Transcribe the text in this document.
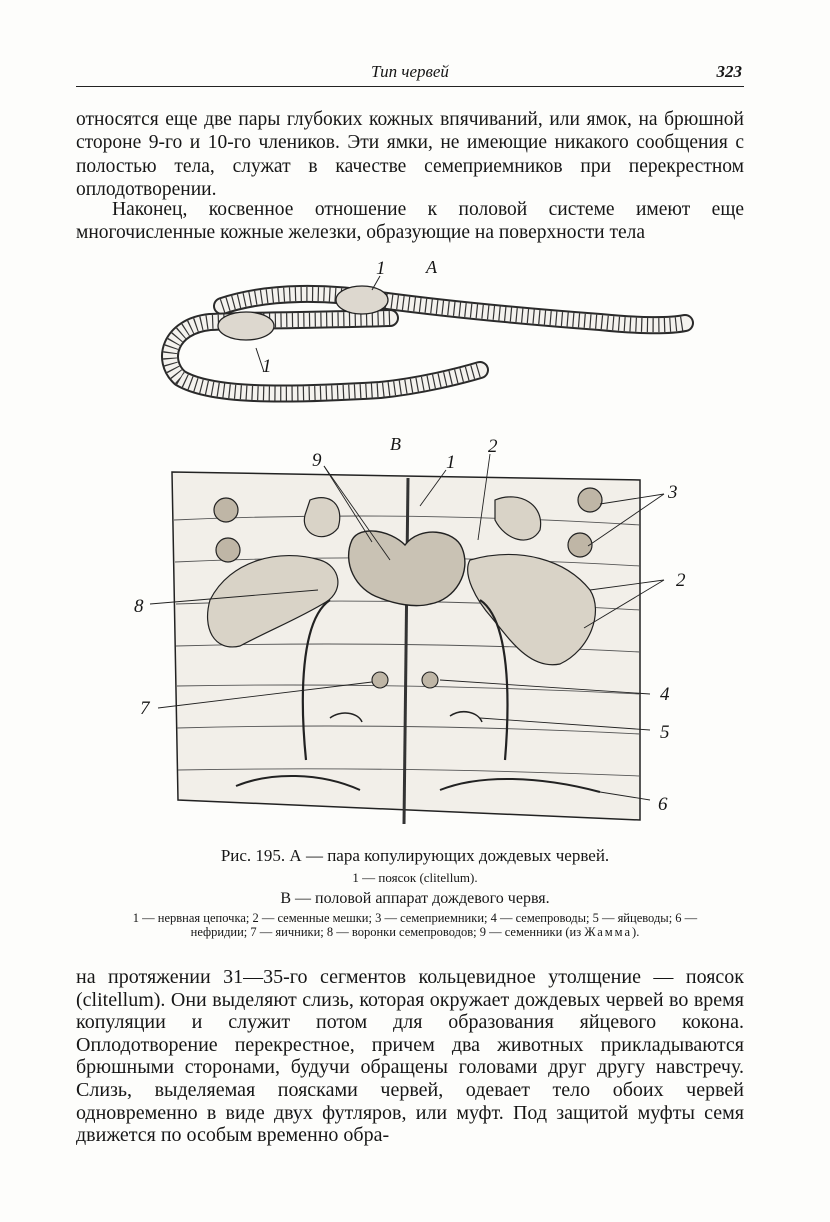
Тип червей	323

относятся еще две пары глубоких кожных впячиваний, или ямок, на брюшной стороне 9-го и 10-го члеников. Эти ямки, не имеющие никакого сообщения с полостью тела, служат в качестве семеприемников при перекрестном оплодотворении.

Наконец, косвенное отношение к половой системе имеют еще многочисленные кожные железки, образующие на поверхности тела

А
В
1
1
1
2
3
2
4
5
6
7
8
9

Рис. 195. А — пара копулирующих дождевых червей.

1 — поясок (clitellum).

В — половой аппарат дождевого червя.

1 — нервная цепочка; 2 — семенные мешки; 3 — семеприемники; 4 — семепроводы; 5 — яйцеводы; 6 — нефридии; 7 — яичники; 8 — воронки семепроводов; 9 — семенники (из Жамма).

на протяжении 31—35-го сегментов кольцевидное утолщение — поясок (clitellum). Они выделяют слизь, которая окружает дождевых червей во время копуляции и служит потом для образования яйцевого кокона. Оплодотворение перекрестное, причем два животных прикладываются брюшными сторонами, будучи обращены головами друг другу навстречу. Слизь, выделяемая поясками червей, одевает тело обоих червей одновременно в виде двух футляров, или муфт. Под защитой муфты семя движется по особым временно обра-
